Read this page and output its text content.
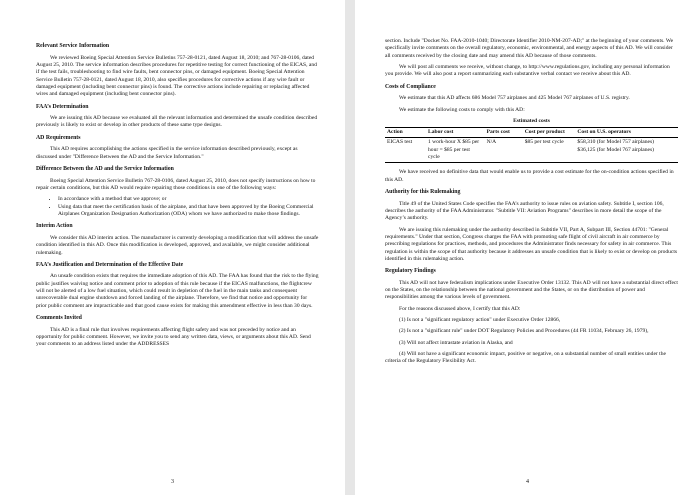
Relevant Service Information

We reviewed Boeing Special Attention Service Bulletins 757-28-0121, dated August 18, 2010; and 767-28-0106, dated August 25, 2010. The service information describes procedures for repetitive testing for correct functioning of the EICAS, and if the test fails, troubleshooting to find wire faults, bent connector pins, or damaged equipment. Boeing Special Attention Service Bulletin 757-28-0121, dated August 18, 2010, also specifies procedures for corrective actions if any wire fault or damaged equipment (including bent connector pins) is found. The corrective actions include repairing or replacing affected wires and damaged equipment (including bent connector pins).

FAA’s Determination

We are issuing this AD because we evaluated all the relevant information and determined the unsafe condition described previously is likely to exist or develop in other products of these same type designs.

AD Requirements

This AD requires accomplishing the actions specified in the service information described previously, except as discussed under "Difference Between the AD and the Service Information."

Difference Between the AD and the Service Information

Boeing Special Attention Service Bulletin 767-28-0106, dated August 25, 2010, does not specify instructions on how to repair certain conditions, but this AD would require repairing those conditions in one of the following ways:

• In accordance with a method that we approve; or
• Using data that meet the certification basis of the airplane, and that have been approved by the Boeing Commercial Airplanes Organization Designation Authorization (ODA) whom we have authorized to make those findings.
Interim Action

We consider this AD interim action. The manufacturer is currently developing a modification that will address the unsafe condition identified in this AD. Once this modification is developed, approved, and available, we might consider additional rulemaking.

FAA’s Justification and Determination of the Effective Date

An unsafe condition exists that requires the immediate adoption of this AD. The FAA has found that the risk to the flying public justifies waiving notice and comment prior to adoption of this rule because if the EICAS malfunctions, the flightcrew will not be alerted of a low fuel situation, which could result in depletion of the fuel in the main tanks and consequent unrecoverable dual engine shutdown and forced landing of the airplane. Therefore, we find that notice and opportunity for prior public comment are impracticable and that good cause exists for making this amendment effective in less than 30 days.

Comments Invited

This AD is a final rule that involves requirements affecting flight safety and was not preceded by notice and an opportunity for public comment. However, we invite you to send any written data, views, or arguments about this AD. Send your comments to an address listed under the ADDRESSES

3

section. Include "Docket No. FAA-2010-1040; Directorate Identifier 2010-NM-207-AD;" at the beginning of your comments. We specifically invite comments on the overall regulatory, economic, environmental, and energy aspects of this AD. We will consider all comments received by the closing date and may amend this AD because of those comments.

We will post all comments we receive, without change, to http://www.regulations.gov, including any personal information you provide. We will also post a report summarizing each substantive verbal contact we receive about this AD.

Costs of Compliance

We estimate that this AD affects 686 Model 757 airplanes and 425 Model 767 airplanes of U.S. registry.

We estimate the following costs to comply with this AD:

Estimated costs
Action	Labor cost	Parts cost	Cost per product	Cost on U.S. operators
EICAS test	1 work-hour X $85 per hour = $85 per test cycle	N/A	$85 per test cycle	$58,310 (for Model 757 airplanes)
$36,125 (for Model 767 airplanes)

We have received no definitive data that would enable us to provide a cost estimate for the on-condition actions specified in this AD.

Authority for this Rulemaking

Title 49 of the United States Code specifies the FAA’s authority to issue rules on aviation safety. Subtitle I, section 106, describes the authority of the FAA Administrator. "Subtitle VII: Aviation Programs" describes in more detail the scope of the Agency’s authority.

We are issuing this rulemaking under the authority described in Subtitle VII, Part A, Subpart III, Section 44701: "General requirements." Under that section, Congress charges the FAA with promoting safe flight of civil aircraft in air commerce by prescribing regulations for practices, methods, and procedures the Administrator finds necessary for safety in air commerce. This regulation is within the scope of that authority because it addresses an unsafe condition that is likely to exist or develop on products identified in this rulemaking action.

Regulatory Findings

This AD will not have federalism implications under Executive Order 13132. This AD will not have a substantial direct effect on the States, on the relationship between the national government and the States, or on the distribution of power and responsibilities among the various levels of government.

For the reasons discussed above, I certify that this AD:

(1) Is not a "significant regulatory action" under Executive Order 12866,

(2) Is not a "significant rule" under DOT Regulatory Policies and Procedures (44 FR 11034, February 26, 1979),

(3) Will not affect intrastate aviation in Alaska, and

(4) Will not have a significant economic impact, positive or negative, on a substantial number of small entities under the criteria of the Regulatory Flexibility Act.

4
